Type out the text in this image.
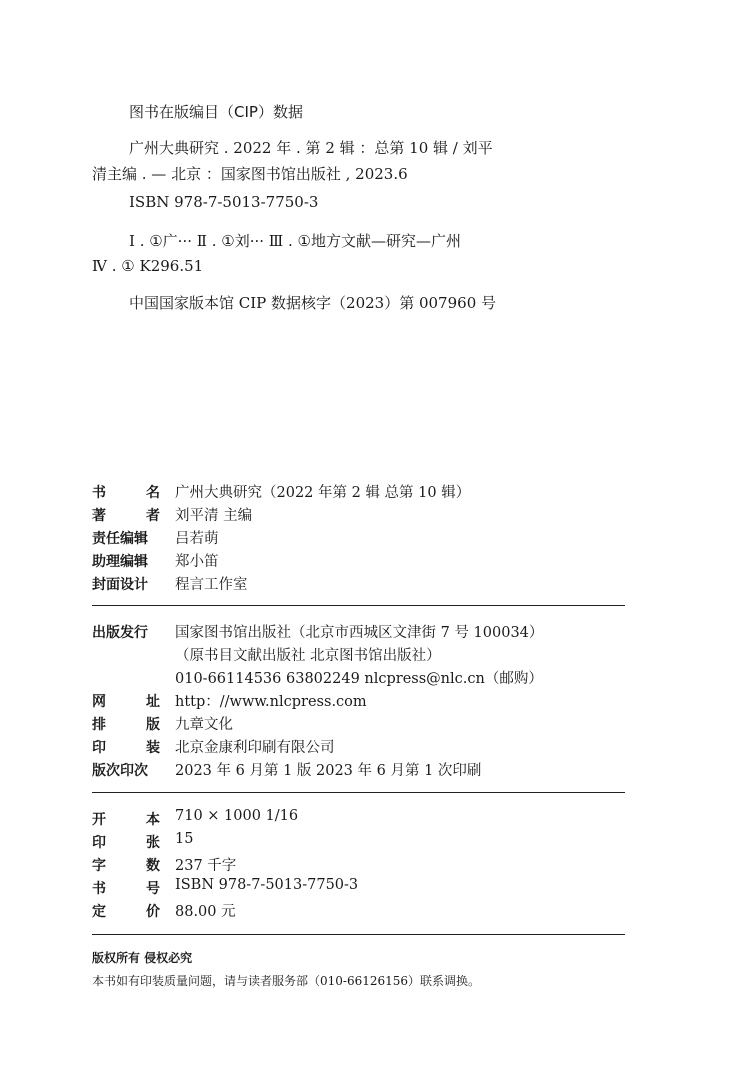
图书在版编目（CIP）数据
广州大典研究 . 2022 年 . 第 2 辑 ：总第 10 辑 / 刘平
清主编 . — 北京 ：国家图书馆出版社 , 2023.6
ISBN 978-7-5013-7750-3
Ⅰ . ①广··· Ⅱ . ①刘··· Ⅲ . ①地方文献—研究—广州
Ⅳ . ① K296.51
中国国家版本馆 CIP 数据核字（2023）第 007960 号
书	名 广州大典研究（2022 年第 2 辑 总第 10 辑）
著	者 刘平清 主编
责任编辑 吕若萌
助理编辑 郑小笛
封面设计 程言工作室
出版发行 国家图书馆出版社（北京市西城区文津街 7 号 100034）
（原书目文献出版社 北京图书馆出版社）
010-66114536 63802249 nlcpress@nlc.cn（邮购）
网	址 http：//www.nlcpress.com
排	版 九章文化
印	装 北京金康利印刷有限公司
版次印次 2023 年 6 月第 1 版 2023 年 6 月第 1 次印刷
开	本 710 × 1000 1/16
印	张 15
字	数 237 千字
书	号 ISBN 978-7-5013-7750-3
定	价 88.00 元
版权所有 侵权必究
本书如有印装质量问题，请与读者服务部（010-66126156）联系调换。
